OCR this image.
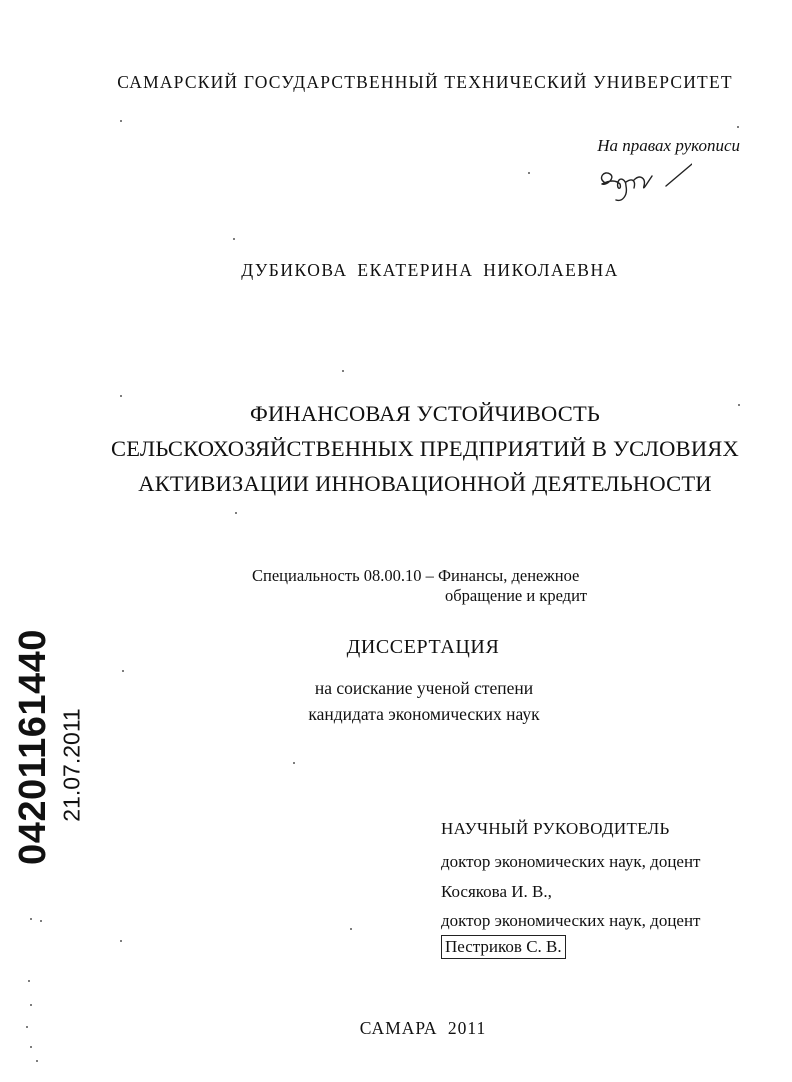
САМАРСКИЙ ГОСУДАРСТВЕННЫЙ ТЕХНИЧЕСКИЙ УНИВЕРСИТЕТ
На правах рукописи
ДУБИКОВА ЕКАТЕРИНА НИКОЛАЕВНА
ФИНАНСОВАЯ УСТОЙЧИВОСТЬ
СЕЛЬСКОХОЗЯЙСТВЕННЫХ ПРЕДПРИЯТИЙ В УСЛОВИЯХ
АКТИВИЗАЦИИ ИННОВАЦИОННОЙ ДЕЯТЕЛЬНОСТИ
Специальность 08.00.10 – Финансы, денежное
обращение и кредит
ДИССЕРТАЦИЯ
на соискание ученой степени
кандидата экономических наук
НАУЧНЫЙ РУКОВОДИТЕЛЬ
доктор экономических наук, доцент
Косякова И. В.,
доктор экономических наук, доцент
Пестриков С. В.
САМАРА 2011
04201161440 21.07.2011
